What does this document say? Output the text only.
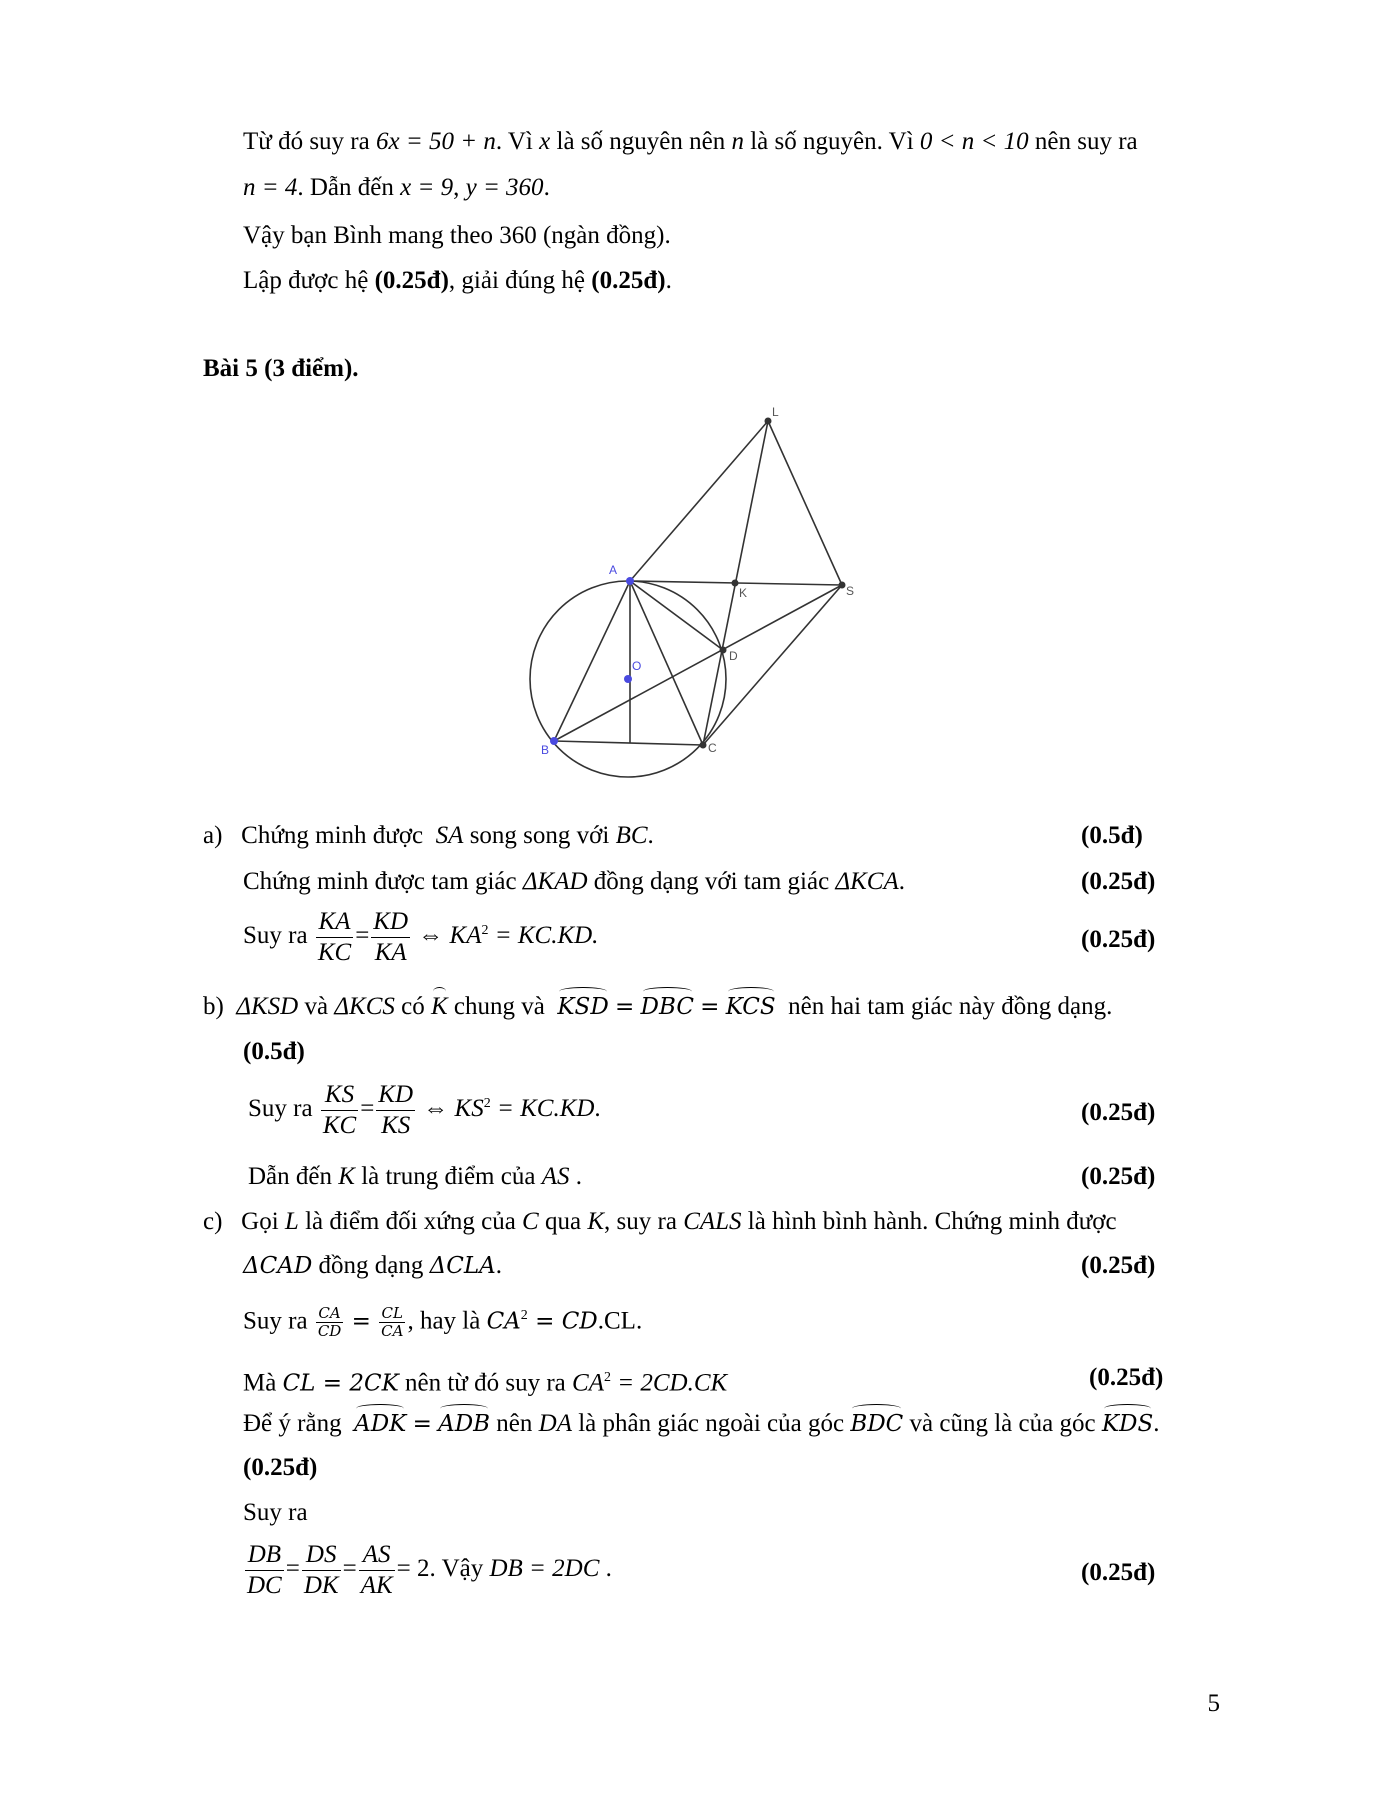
Từ đó suy ra 6x = 50 + n. Vì x là số nguyên nên n là số nguyên. Vì 0 < n < 10 nên suy ra
n = 4. Dẫn đến x = 9, y = 360.
Vậy bạn Bình mang theo 360 (ngàn đồng).
Lập được hệ (0.25đ), giải đúng hệ (0.25đ).
Bài 5 (3 điểm).
L
A
K	S
O
D
B	C
a) Chứng minh được SA song song với BC.	(0.5đ)
Chứng minh được tam giác ΔKAD đồng dạng với tam giác ΔKCA.	(0.25đ)
Suy ra $\frac{KA}{KC} = \frac{KD}{KA}$ ⇔ $KA^2 = KC.KD$.	(0.25đ)
b) ΔKSD và ΔKCS có K chung và KSD = DBC = KCS nên hai tam giác này đồng dạng.
(0.5đ)
Suy ra $\frac{KS}{KC} = \frac{KD}{KS}$ ⇔ $KS^2 = KC.KD$.	(0.25đ)
Dẫn đến K là trung điểm của AS .	(0.25đ)
c) Gọi L là điểm đối xứng của C qua K, suy ra CALS là hình bình hành. Chứng minh được
ΔCAD đồng dạng ΔCLA.	(0.25đ)
Suy ra $\frac{CA}{CD} = \frac{CL}{CA}$ , hay là $CA^2 = CD.CL$.
Mà CL = 2CK nên từ đó suy ra $CA^2 = 2CD.CK$	(0.25đ)
Để ý rằng ADK = ADB nên DA là phân giác ngoài của góc BDC và cũng là của góc KDS.
(0.25đ)
Suy ra
$\frac{DB}{DC} = \frac{DS}{DK} = \frac{AS}{AK} = 2$. Vậy DB = 2DC .	(0.25đ)
5
